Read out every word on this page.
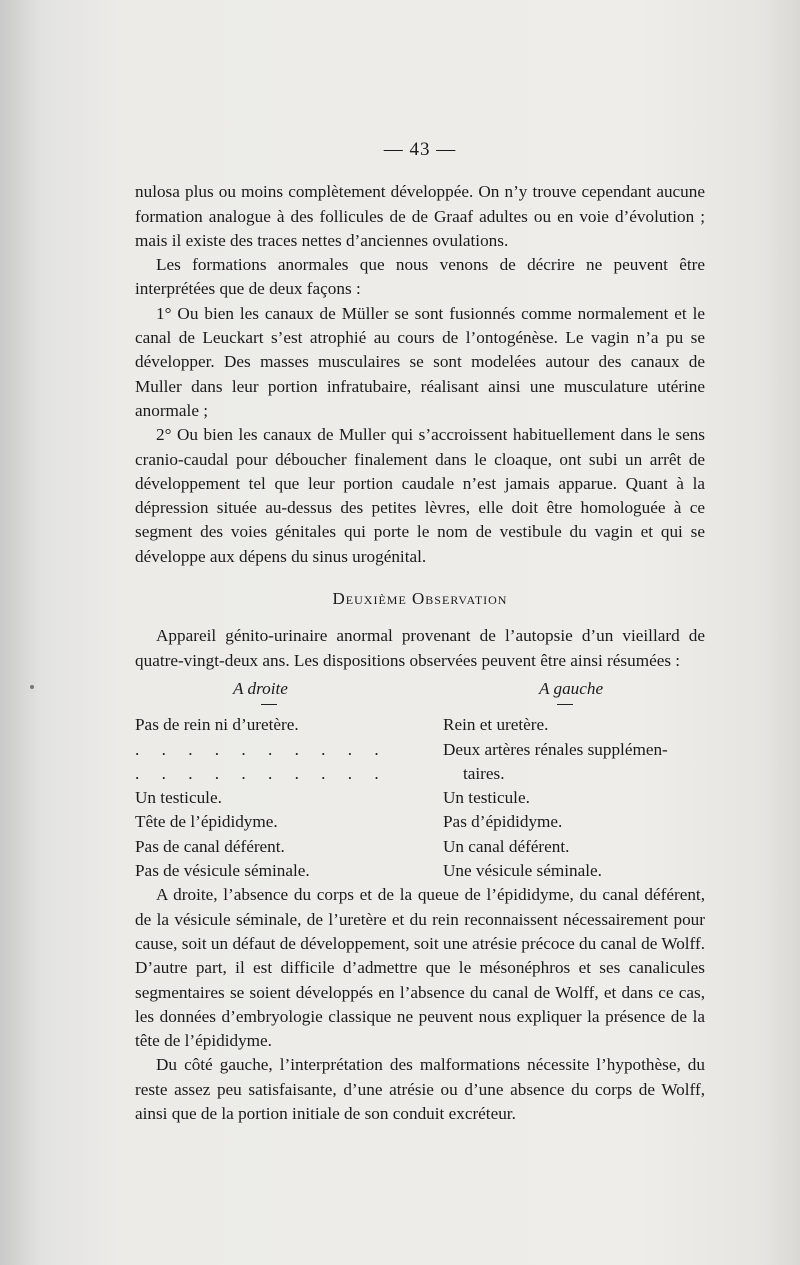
— 43 —

nulosa plus ou moins complètement développée. On n’y trouve cependant aucune formation analogue à des follicules de de Graaf adultes ou en voie d’évolution ; mais il existe des traces nettes d’anciennes ovulations.

Les formations anormales que nous venons de décrire ne peuvent être interprétées que de deux façons :

1° Ou bien les canaux de Müller se sont fusionnés comme normalement et le canal de Leuckart s’est atrophié au cours de l’ontogénèse. Le vagin n’a pu se développer. Des masses musculaires se sont modelées autour des canaux de Muller dans leur portion infratubaire, réalisant ainsi une musculature utérine anormale ;

2° Ou bien les canaux de Muller qui s’accroissent habituellement dans le sens cranio-caudal pour déboucher finalement dans le cloaque, ont subi un arrêt de développement tel que leur portion caudale n’est jamais apparue. Quant à la dépression située au-dessus des petites lèvres, elle doit être homologuée à ce segment des voies génitales qui porte le nom de vestibule du vagin et qui se développe aux dépens du sinus urogénital.

Deuxième Observation

Appareil génito-urinaire anormal provenant de l’autopsie d’un vieillard de quatre-vingt-deux ans. Les dispositions observées peuvent être ainsi résumées :

A droite
Pas de rein ni d’uretère.
. . . . . . . . . .
. . . . . . . . . .
Un testicule.
Tête de l’épididyme.
Pas de canal déférent.
Pas de vésicule séminale.
A gauche
Rein et uretère.
Deux artères rénales supplémen-
taires.
Un testicule.
Pas d’épididyme.
Un canal déférent.
Une vésicule séminale.

A droite, l’absence du corps et de la queue de l’épididyme, du canal déférent, de la vésicule séminale, de l’uretère et du rein reconnaissent nécessairement pour cause, soit un défaut de développement, soit une atrésie précoce du canal de Wolff. D’autre part, il est difficile d’admettre que le mésonéphros et ses canalicules segmentaires se soient développés en l’absence du canal de Wolff, et dans ce cas, les données d’embryologie classique ne peuvent nous expliquer la présence de la tête de l’épididyme.

Du côté gauche, l’interprétation des malformations nécessite l’hypothèse, du reste assez peu satisfaisante, d’une atrésie ou d’une absence du corps de Wolff, ainsi que de la portion initiale de son conduit excréteur.
